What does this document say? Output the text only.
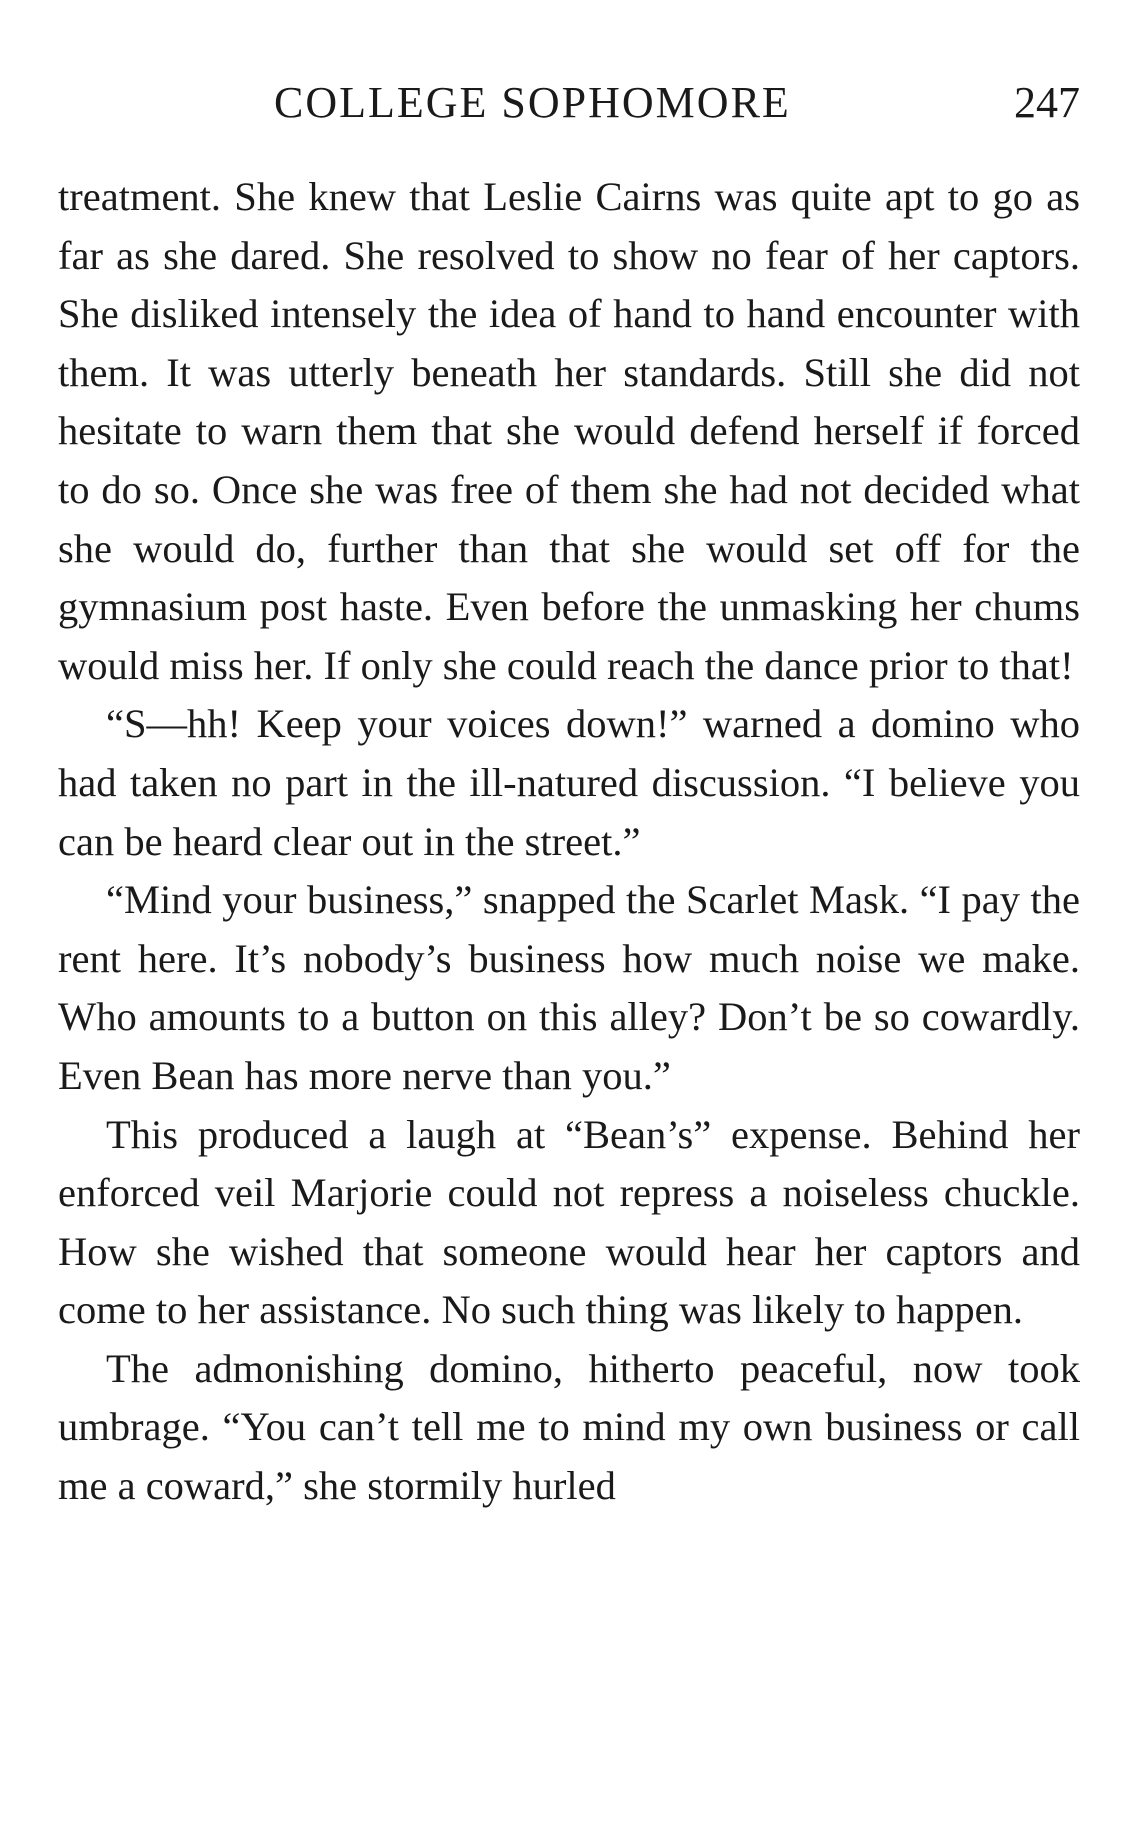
COLLEGE SOPHOMORE	247

treatment. She knew that Leslie Cairns was quite apt to go as far as she dared. She resolved to show no fear of her captors. She disliked intensely the idea of hand to hand encounter with them. It was utterly beneath her standards. Still she did not hesitate to warn them that she would defend herself if forced to do so. Once she was free of them she had not decided what she would do, further than that she would set off for the gymnasium post haste. Even before the unmasking her chums would miss her. If only she could reach the dance prior to that!

“S—hh! Keep your voices down!” warned a domino who had taken no part in the ill-natured discussion. “I believe you can be heard clear out in the street.”

“Mind your business,” snapped the Scarlet Mask. “I pay the rent here. It’s nobody’s business how much noise we make. Who amounts to a button on this alley? Don’t be so cowardly. Even Bean has more nerve than you.”

This produced a laugh at “Bean’s” expense. Behind her enforced veil Marjorie could not repress a noiseless chuckle. How she wished that someone would hear her captors and come to her assistance. No such thing was likely to happen.

The admonishing domino, hitherto peaceful, now took umbrage. “You can’t tell me to mind my own business or call me a coward,” she stormily hurled
